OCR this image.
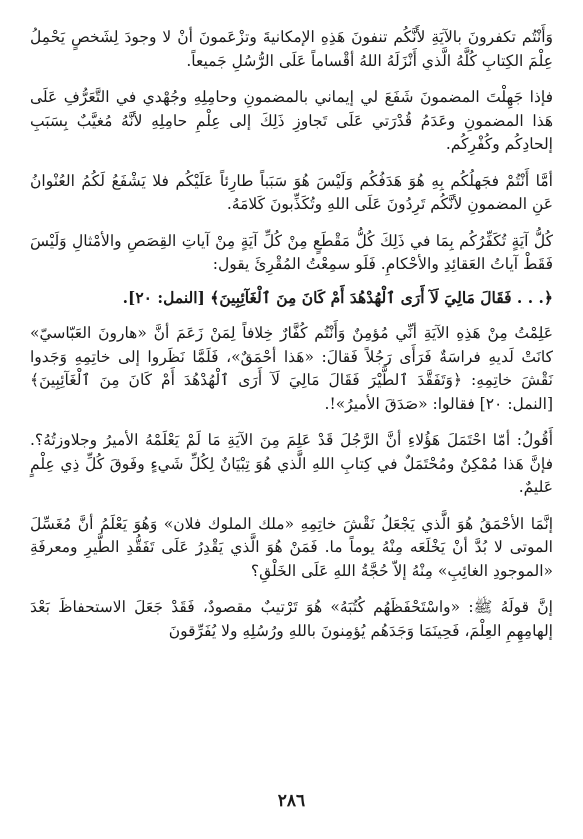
وَأَنْتُم تكفرونَ بالآيَةِ لأَنَّكُم تنفونَ هَذِهِ الإمكانيةَ وتزْعَمونَ أنْ لا وجودَ لِشَخصٍ يَحْمِلُ عِلْمَ الكِتابِ كُلَّهُ الَّذي أَنْزَلَهُ اللهُ أقْساماً عَلَى الرُّسُلِ جَميعاً.

فإذا جَهِلْتَ المضمونَ شَفَعَ لي إيماني بالمضمونِ وحامِلِهِ وجُهْدي في التَّعَرُّفِ عَلَى هَذا المضمونِ وعَدَمُ قُدْرَتي عَلَى تَجاوزِ ذَلِكَ إلى عِلْمِ حامِلِهِ لأنَّهُ مُغيَّبٌ بِسَبَبِ إلحادِكُم وكُفْرِكُم.

أمَّا أَنْتُمْ فجَهلُكُم بِهِ هُوَ هَدَفُكُم وَلَيْسَ هُوَ سَبَباً طارِئاً عَلَيْكُم فلا يَشْفَعُ لَكُمُ العُنْوانُ عَنِ المضمونِ لأنَّكُم تَرِدُونَ عَلَى اللهِ وتُكَذِّبونَ كَلامَهُ.

كُلُّ آيَةٍ تُكَفِّرُكُم بِمَا في ذَلِكَ كُلُّ مَقْطَعٍ مِنْ كُلِّ آيَةٍ مِنْ آياتِ القِصَصِ والأمْثالِ وَلَيْسَ فَقَطْ آياتُ العَقائِدِ والأحْكامِ. فَلَو سمِعْتُ المُقْرِئَ يقول:

﴿. . . فَقَالَ مَالِيَ لَآ أَرَى ٱلْهُدْهُدَ أَمْ كَانَ مِنَ ٱلْغَآئِبِينَ﴾ [النمل: ٢٠].

عَلِمْتُ مِنْ هَذِهِ الآيَةِ أنِّي مُؤمِنٌ وَأَنْتُم كُفَّارٌ خِلافاً لِمَنْ زَعَمَ أنَّ «هارونَ العَبّاسيّ» كانَتْ لَديهِ فراسَةٌ فَرَأَى رَجُلاً فَقالَ: «هَذا أحْمَقٌ»، فَلَمَّا نَظَروا إلى خاتِمِهِ وَجَدوا نَقْشَ خاتِمِهِ: ﴿وَتَفَقَّدَ ٱلطَّيْرَ فَقَالَ مَالِيَ لَآ أَرَى ٱلْهُدْهُدَ أَمْ كَانَ مِنَ ٱلْغَآئِبِينَ﴾ [النمل: ٢٠] فقالوا: «صَدَقَ الأميرُ»!.

أَقُولُ: أمّا احْتَمَلَ هَؤُلاءِ أنَّ الرَّجُلَ قَدْ عَلِمَ مِنَ الآيَةِ مَا لَمْ يَعْلَمْهُ الأميرُ وجلاوزتُهُ؟. فإنَّ هَذا مُمْكِنٌ ومُحْتَمَلٌ في كِتابِ اللهِ الَّذي هُوَ تِبْيَانٌ لِكُلِّ شَيءٍ وفَوقَ كُلِّ ذِي عِلْمٍ عَليمٌ.

إنَّمَا الأحْمَقُ هُوَ الَّذي يَجْعَلُ نَقْشَ خاتِمِهِ «ملك الملوك فلان» وَهُوَ يَعْلَمُ أنَّ مُغَسِّلَ الموتى لا بُدَّ أنْ يَخْلَعَه مِنْهُ يوماً ما. فَمَنْ هُوَ الَّذي يَقْدِرُ عَلَى تَفَقُّدِ الطَّيرِ ومعرفَةِ «الموجودِ الغائِبِ» مِنْهُ إلاّ حُجَّةُ اللهِ عَلَى الخَلْقِ؟

إنَّ قولَهُ ﷺ: «واسْتَحْفَظَهُم كُتُبَهُ» هُوَ تَرْتيبٌ مقصودٌ، فَقَدْ جَعَلَ الاستحفاظَ بَعْدَ إلهامِهِمِ العِلْمَ، فَحِينَمَا وَجَدَهُم يُؤمِنونَ باللهِ ورُسُلِهِ ولا يُفَرِّقونَ

٢٨٦
